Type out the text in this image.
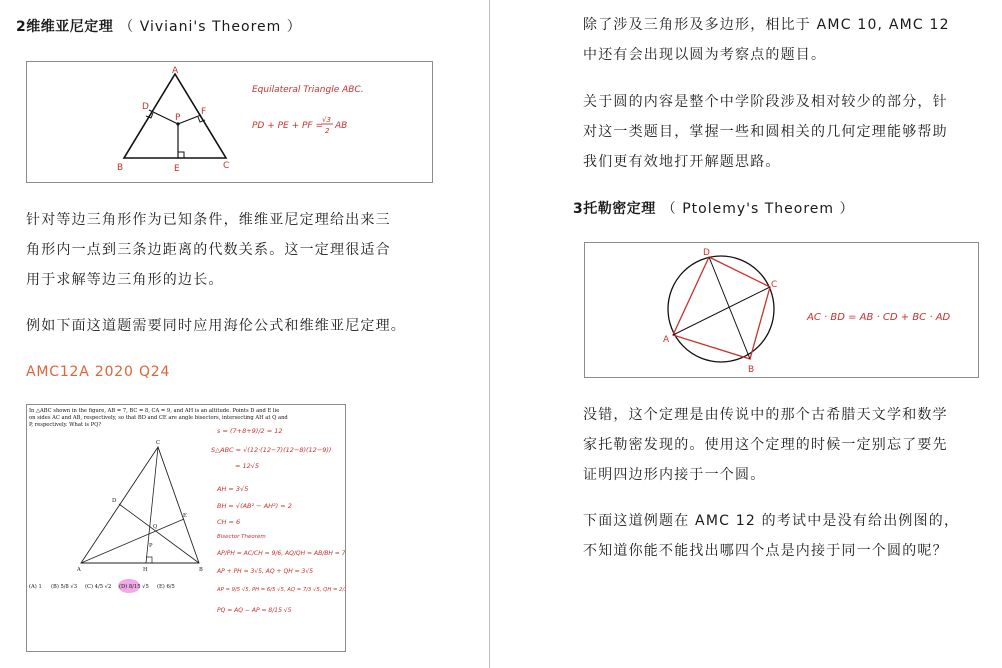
2维维亚尼定理 （ Viviani's Theorem ）
A
B	C
D
E
F
P
Equilateral Triangle ABC.
PD + PE + PF =
√3
2 AB

针对等边三角形作为已知条件，维维亚尼定理给出来三

角形内一点到三条边距离的代数关系。这一定理很适合

用于求解等边三角形的边长。

例如下面这道题需要同时应用海伦公式和维维亚尼定理。

AMC12A 2020 Q24
In △ABC shown in the figure, AB = 7, BC = 8, CA = 9, and AH is an altitude. Points D and E lie
on sides AC and AB, respectively, so that BD and CE are angle bisectors, intersecting AH at Q and
P, respectively. What is PQ?
C
A	B
H
D
E
P
Q
(A) 1 (B) 5/8 √3 (C) 4/5 √2 (D) 8/15 √5 (E) 6/5
s = (7+8+9)/2 = 12
S△ABC = √(12·(12−7)(12−8)(12−9))
= 12√5
AH = 3√5
BH = √(AB² − AH²) = 2
CH = 6
Bisector Theorem
AP/PH = AC/CH = 9/6, AQ/QH = AB/BH = 7/2
AP + PH = 3√5, AQ + QH = 3√5
AP = 9/5 √5, PH = 6/5 √5, AQ = 7/3 √5, QH = 2/3 √5
PQ = AQ − AP = 8/15 √5

除了涉及三角形及多边形，相比于 AMC 10, AMC 12

中还有会出现以圆为考察点的题目。

关于圆的内容是整个中学阶段涉及相对较少的部分，针

对这一类题目，掌握一些和圆相关的几何定理能够帮助

我们更有效地打开解题思路。

3托勒密定理 （ Ptolemy's Theorem ）
D
C
B
A
AC · BD = AB · CD + BC · AD

没错，这个定理是由传说中的那个古希腊天文学和数学

家托勒密发现的。使用这个定理的时候一定别忘了要先

证明四边形内接于一个圆。

下面这道例题在 AMC 12 的考试中是没有给出例图的，

不知道你能不能找出哪四个点是内接于同一个圆的呢？
